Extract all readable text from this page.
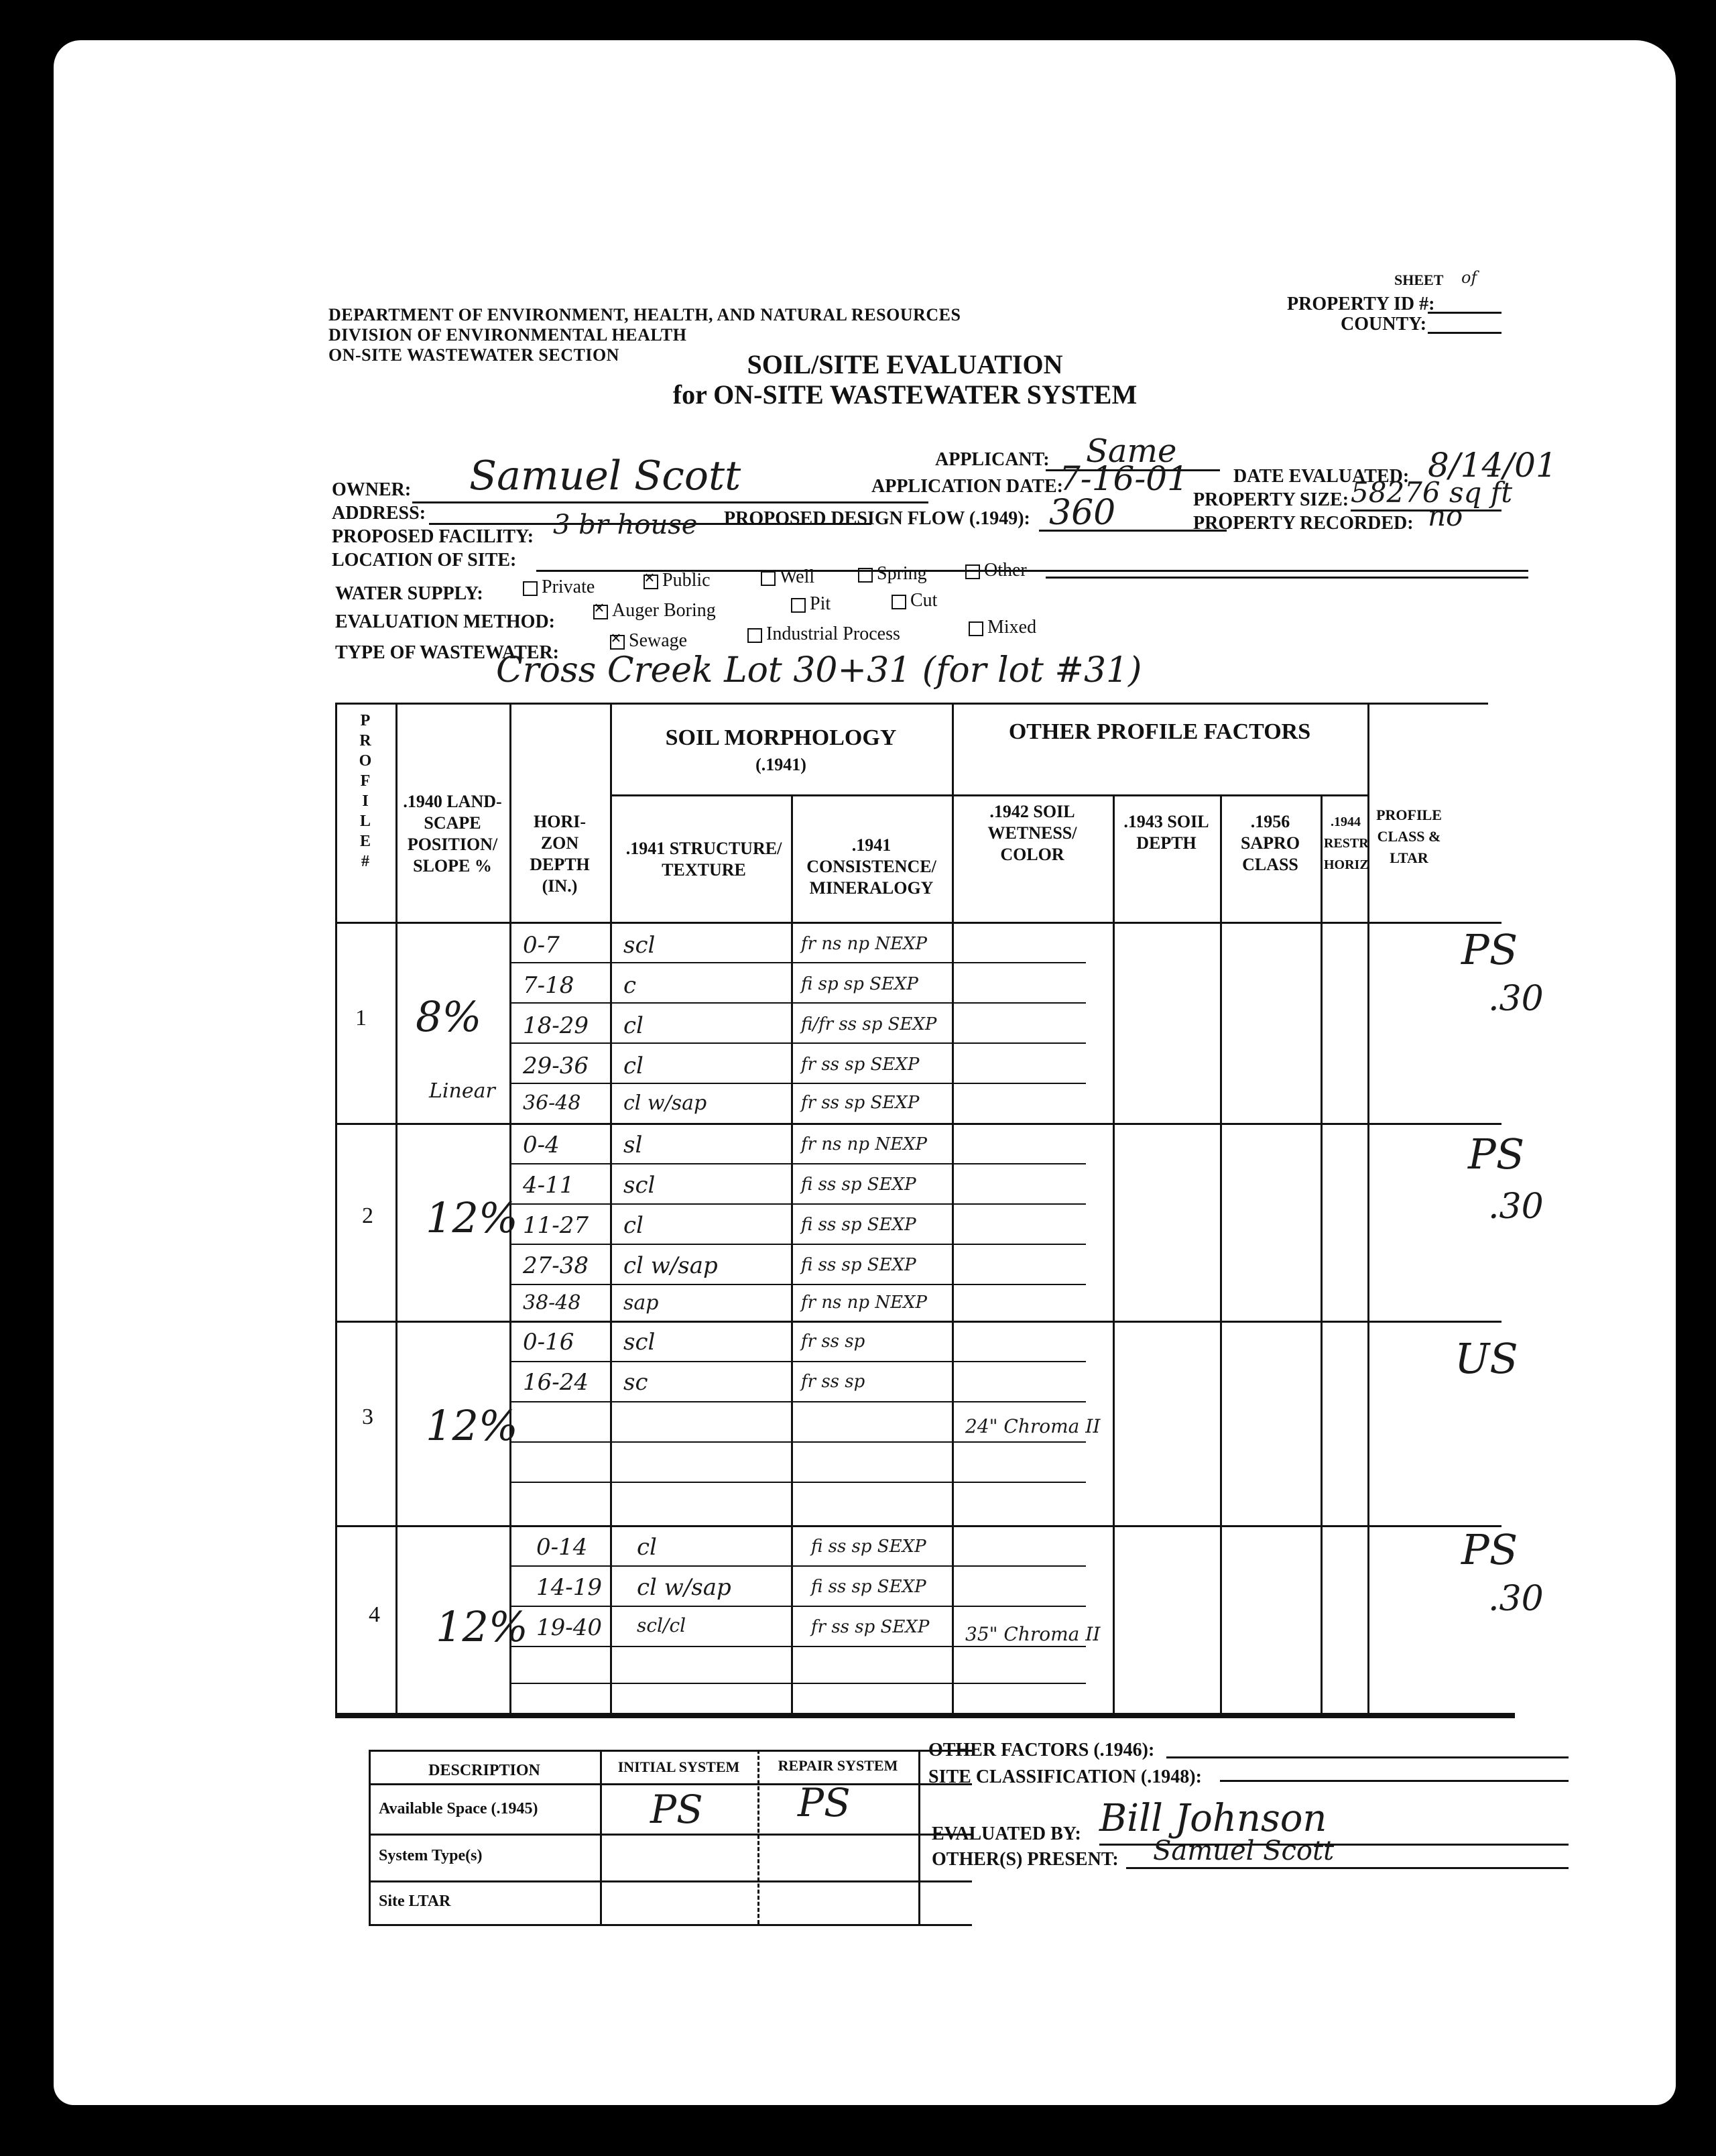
DEPARTMENT OF ENVIRONMENT, HEALTH, AND NATURAL RESOURCES
DIVISION OF ENVIRONMENTAL HEALTH
ON-SITE WASTEWATER SECTION
SHEET of
PROPERTY ID #:
COUNTY:
SOIL/SITE EVALUATION
for ON-SITE WASTEWATER SYSTEM
OWNER: Samuel Scott	APPLICANT: Same
DATE EVALUATED: 8/14/01
ADDRESS:
APPLICATION DATE:
7-16-01
PROPERTY SIZE: 58276 sq ft
PROPOSED FACILITY: 3 br house PROPOSED DESIGN FLOW (.1949): 360	PROPERTY RECORDED: no
LOCATION OF SITE:
WATER SUPPLY:	Private
×	Public	Well	Spring	Other
EVALUATION METHOD:
×Auger Boring	Pit	Cut
TYPE OF WASTEWATER:
×Sewage	Industrial Process	Mixed
Cross Creek Lot 30+31 (for lot #31)
P R O F I L E #
.1940 LAND- SCAPE POSITION/ SLOPE %
HORI- ZON DEPTH (IN.)
SOIL MORPHOLOGY
(.1941)
.1941 STRUCTURE/ TEXTURE
.1941 CONSISTENCE/ MINERALOGY
OTHER PROFILE FACTORS
.1942 SOIL WETNESS/ COLOR
.1943 SOIL DEPTH
.1956 SAPRO CLASS
.1944 RESTR HORIZ
PROFILE CLASS & LTAR
1 8%
Linear
0-7	scl	fr ns np NEXP
7-18 c	fi sp sp SEXP
18-29 cl	fi/fr ss sp SEXP
29-36 cl	fr ss sp SEXP
36-48 cl w/sap	fr ss sp SEXP
PS
.30
2 12%
0-4	sl	fr ns np NEXP
4-11 scl	fi ss sp SEXP
11-27 cl	fi ss sp SEXP
27-38 cl w/sap	fi ss sp SEXP
38-48 sap	fr ns np NEXP
PS
.30
3 12%
0-16 scl	fr ss sp
16-24 sc	fr ss sp
24" Chroma II
US
4 12%
0-14 cl	fi ss sp SEXP
14-19 cl w/sap	fi ss sp SEXP
19-40 scl/cl	fr ss sp SEXP 35" Chroma II
PS
.30
DESCRIPTION	INITIAL SYSTEM	REPAIR SYSTEM
Available Space (.1945)	PS PS
System Type(s)
Site LTAR
OTHER FACTORS (.1946):
SITE CLASSIFICATION (.1948):
EVALUATED BY: Bill Johnson
OTHER(S) PRESENT: Samuel Scott
